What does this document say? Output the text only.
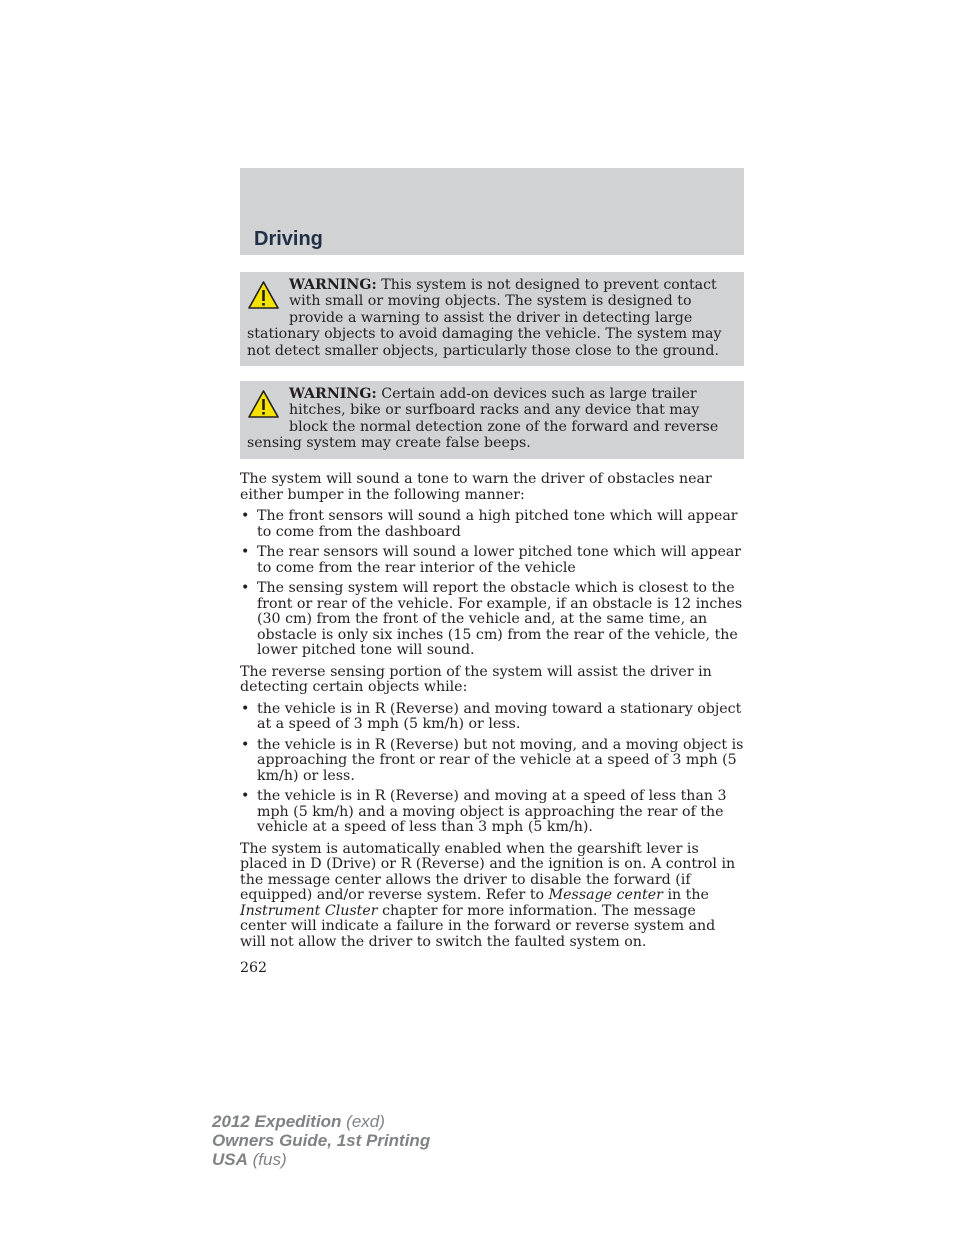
Driving
WARNING: This system is not designed to prevent contact with small or moving objects. The system is designed to provide a warning to assist the driver in detecting large stationary objects to avoid damaging the vehicle. The system may not detect smaller objects, particularly those close to the ground.
WARNING: Certain add-on devices such as large trailer hitches, bike or surfboard racks and any device that may block the normal detection zone of the forward and reverse sensing system may create false beeps.

The system will sound a tone to warn the driver of obstacles near either bumper in the following manner:

• The front sensors will sound a high pitched tone which will appear to come from the dashboard
• The rear sensors will sound a lower pitched tone which will appear to come from the rear interior of the vehicle
• The sensing system will report the obstacle which is closest to the front or rear of the vehicle. For example, if an obstacle is 12 inches (30 cm) from the front of the vehicle and, at the same time, an obstacle is only six inches (15 cm) from the rear of the vehicle, the lower pitched tone will sound.

The reverse sensing portion of the system will assist the driver in detecting certain objects while:

• the vehicle is in R (Reverse) and moving toward a stationary object at a speed of 3 mph (5 km/h) or less.
• the vehicle is in R (Reverse) but not moving, and a moving object is approaching the front or rear of the vehicle at a speed of 3 mph (5 km/h) or less.
• the vehicle is in R (Reverse) and moving at a speed of less than 3 mph (5 km/h) and a moving object is approaching the rear of the vehicle at a speed of less than 3 mph (5 km/h).

The system is automatically enabled when the gearshift lever is placed in D (Drive) or R (Reverse) and the ignition is on. A control in the message center allows the driver to disable the forward (if equipped) and/or reverse system. Refer to Message center in the Instrument Cluster chapter for more information. The message center will indicate a failure in the forward or reverse system and will not allow the driver to switch the faulted system on.

262
2012 Expedition (exd)
Owners Guide, 1st Printing
USA (fus)
